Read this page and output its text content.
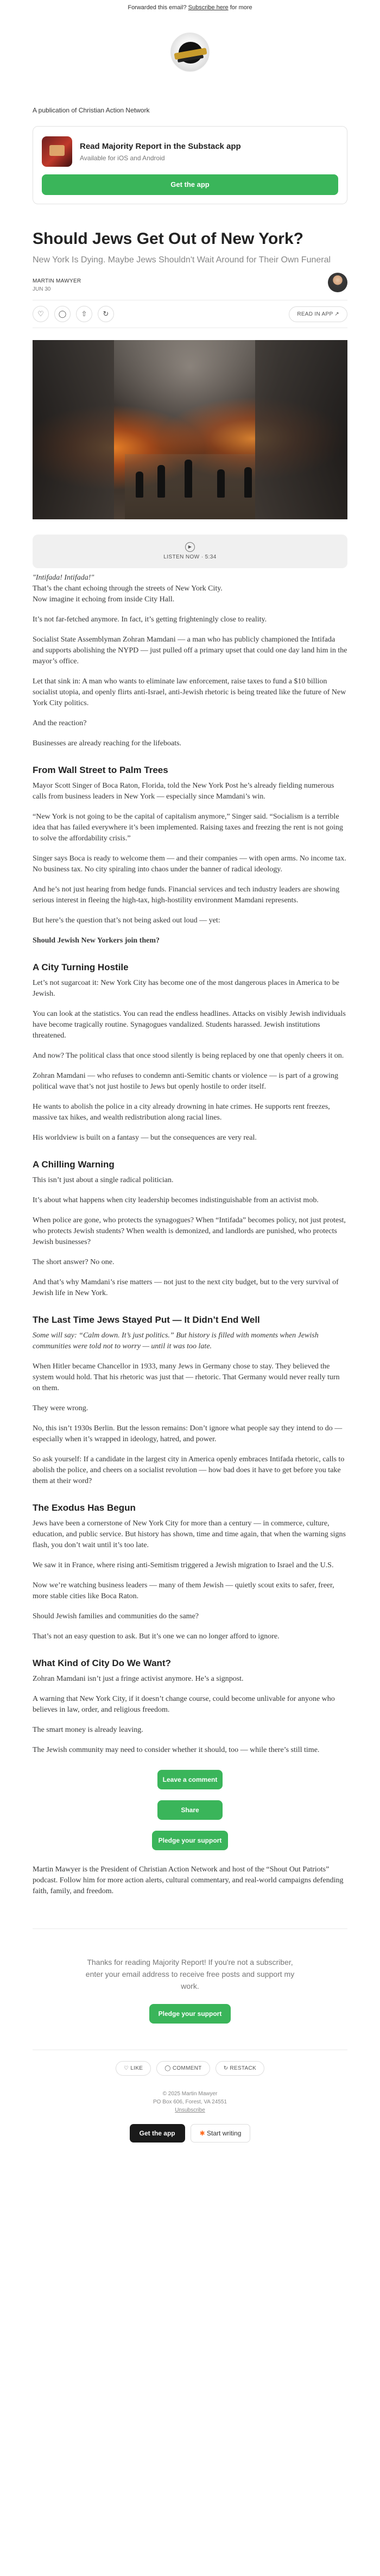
Forwarded this email? Subscribe here for more
A publication of Christian Action Network
Read Majority Report in the Substack app
Available for iOS and Android
Get the app
Should Jews Get Out of New York?
New York Is Dying. Maybe Jews Shouldn't Wait Around for Their Own Funeral
MARTIN MAWYER
JUN 30
♡	◯	⇧	↻	READ IN APP ↗
▶
LISTEN NOW · 5:34

"Intifada! Intifada!"

That’s the chant echoing through the streets of New York City.

Now imagine it echoing from inside City Hall.

It’s not far-fetched anymore. In fact, it’s getting frighteningly close to reality.

Socialist State Assemblyman Zohran Mamdani — a man who has publicly championed the Intifada and supports abolishing the NYPD — just pulled off a primary upset that could one day land him in the mayor’s office.

Let that sink in: A man who wants to eliminate law enforcement, raise taxes to fund a $10 billion socialist utopia, and openly flirts anti-Israel, anti-Jewish rhetoric is being treated like the future of New York City politics.

And the reaction?

Businesses are already reaching for the lifeboats.

From Wall Street to Palm Trees

Mayor Scott Singer of Boca Raton, Florida, told the New York Post he’s already fielding numerous calls from business leaders in New York — especially since Mamdani’s win.

“New York is not going to be the capital of capitalism anymore,” Singer said. “Socialism is a terrible idea that has failed everywhere it’s been implemented. Raising taxes and freezing the rent is not going to solve the affordability crisis.”

Singer says Boca is ready to welcome them — and their companies — with open arms. No income tax. No business tax. No city spiraling into chaos under the banner of radical ideology.

And he’s not just hearing from hedge funds. Financial services and tech industry leaders are showing serious interest in fleeing the high-tax, high-hostility environment Mamdani represents.

But here’s the question that’s not being asked out loud — yet:

Should Jewish New Yorkers join them?

A City Turning Hostile

Let’s not sugarcoat it: New York City has become one of the most dangerous places in America to be Jewish.

You can look at the statistics. You can read the endless headlines. Attacks on visibly Jewish individuals have become tragically routine. Synagogues vandalized. Students harassed. Jewish institutions threatened.

And now? The political class that once stood silently is being replaced by one that openly cheers it on.

Zohran Mamdani — who refuses to condemn anti-Semitic chants or violence — is part of a growing political wave that’s not just hostile to Jews but openly hostile to order itself.

He wants to abolish the police in a city already drowning in hate crimes. He supports rent freezes, massive tax hikes, and wealth redistribution along racial lines.

His worldview is built on a fantasy — but the consequences are very real.

A Chilling Warning

This isn’t just about a single radical politician.

It’s about what happens when city leadership becomes indistinguishable from an activist mob.

When police are gone, who protects the synagogues? When “Intifada” becomes policy, not just protest, who protects Jewish students? When wealth is demonized, and landlords are punished, who protects Jewish businesses?

The short answer? No one.

And that’s why Mamdani’s rise matters — not just to the next city budget, but to the very survival of Jewish life in New York.

The Last Time Jews Stayed Put — It Didn’t End Well

Some will say: “Calm down. It’s just politics.” But history is filled with moments when Jewish communities were told not to worry — until it was too late.

When Hitler became Chancellor in 1933, many Jews in Germany chose to stay. They believed the system would hold. That his rhetoric was just that — rhetoric. That Germany would never really turn on them.

They were wrong.

No, this isn’t 1930s Berlin. But the lesson remains: Don’t ignore what people say they intend to do — especially when it’s wrapped in ideology, hatred, and power.

So ask yourself: If a candidate in the largest city in America openly embraces Intifada rhetoric, calls to abolish the police, and cheers on a socialist revolution — how bad does it have to get before you take them at their word?

The Exodus Has Begun

Jews have been a cornerstone of New York City for more than a century — in commerce, culture, education, and public service. But history has shown, time and time again, that when the warning signs flash, you don’t wait until it’s too late.

We saw it in France, where rising anti-Semitism triggered a Jewish migration to Israel and the U.S.

Now we’re watching business leaders — many of them Jewish — quietly scout exits to safer, freer, more stable cities like Boca Raton.

Should Jewish families and communities do the same?

That’s not an easy question to ask. But it’s one we can no longer afford to ignore.

What Kind of City Do We Want?

Zohran Mamdani isn’t just a fringe activist anymore. He’s a signpost.

A warning that New York City, if it doesn’t change course, could become unlivable for anyone who believes in law, order, and religious freedom.

The smart money is already leaving.

The Jewish community may need to consider whether it should, too — while there’s still time.

Leave a comment
Share
Pledge your support

Martin Mawyer is the President of Christian Action Network and host of the “Shout Out Patriots” podcast. Follow him for more action alerts, cultural commentary, and real-world campaigns defending faith, family, and freedom.

Thanks for reading Majority Report! If you're not a subscriber, enter your email address to receive free posts and support my work.
Pledge your support
♡ LIKE	◯ COMMENT	↻ RESTACK
© 2025 Martin Mawyer
PO Box 606, Forest, VA 24551
Unsubscribe
Get the app	✱ Start writing
